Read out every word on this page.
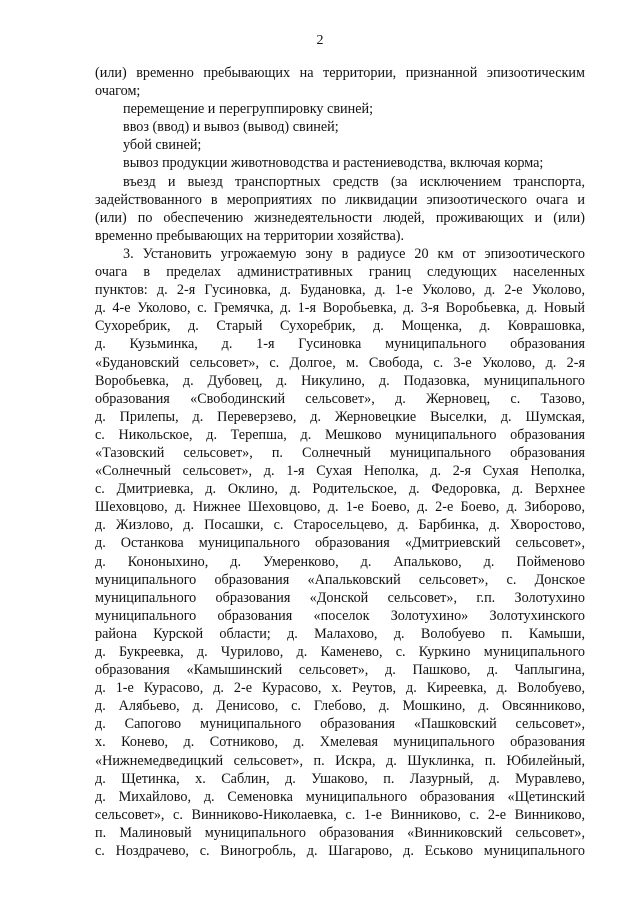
2
(или) временно пребывающих на территории, признанной эпизоотическим
очагом;
перемещение и перегруппировку свиней;
ввоз (ввод) и вывоз (вывод) свиней;
убой свиней;
вывоз продукции животноводства и растениеводства, включая корма;
въезд и выезд транспортных средств (за исключением транспорта,
задействованного в мероприятиях по ликвидации эпизоотического очага и
(или) по обеспечению жизнедеятельности людей, проживающих и (или)
временно пребывающих на территории хозяйства).
3. Установить угрожаемую зону в радиусе 20 км от эпизоотического
очага в пределах административных границ следующих населенных
пунктов: д. 2-я Гусиновка, д. Будановка, д. 1-е Уколово, д. 2-е Уколово,
д. 4-е Уколово, с. Гремячка, д. 1-я Воробьевка, д. 3-я Воробьевка, д. Новый
Сухоребрик, д. Старый Сухоребрик, д. Мощенка, д. Коврашовка,
д. Кузьминка, д. 1-я Гусиновка муниципального образования
«Будановский сельсовет», с. Долгое, м. Свобода, с. 3-е Уколово, д. 2-я
Воробьевка, д. Дубовец, д. Никулино, д. Подазовка, муниципального
образования «Свободинский сельсовет», д. Жерновец, с. Тазово,
д. Прилепы, д. Переверзево, д. Жерновецкие Выселки, д. Шумская,
с. Никольское, д. Терепша, д. Мешково муниципального образования
«Тазовский сельсовет», п. Солнечный муниципального образования
«Солнечный сельсовет», д. 1-я Сухая Неполка, д. 2-я Сухая Неполка,
с. Дмитриевка, д. Оклино, д. Родительское, д. Федоровка, д. Верхнее
Шеховцово, д. Нижнее Шеховцово, д. 1-е Боево, д. 2-е Боево, д. Зиборово,
д. Жизлово, д. Посашки, с. Старосельцево, д. Барбинка, д. Хворостово,
д. Останкова муниципального образования «Дмитриевский сельсовет»,
д. Кононыхино, д. Умеренково, д. Апальково, д. Пойменово
муниципального образования «Апальковский сельсовет», с. Донское
муниципального образования «Донской сельсовет», г.п. Золотухино
муниципального образования «поселок Золотухино» Золотухинского
района Курской области; д. Малахово, д. Волобуево п. Камыши,
д. Букреевка, д. Чурилово, д. Каменево, с. Куркино муниципального
образования «Камышинский сельсовет», д. Пашково, д. Чаплыгина,
д. 1-е Курасово, д. 2-е Курасово, х. Реутов, д. Киреевка, д. Волобуево,
д. Алябьево, д. Денисово, с. Глебово, д. Мошкино, д. Овсянниково,
д. Сапогово муниципального образования «Пашковский сельсовет»,
х. Конево, д. Сотниково, д. Хмелевая муниципального образования
«Нижнемедведицкий сельсовет», п. Искра, д. Шуклинка, п. Юбилейный,
д. Щетинка, х. Саблин, д. Ушаково, п. Лазурный, д. Муравлево,
д. Михайлово, д. Семеновка муниципального образования «Щетинский
сельсовет», с. Винниково-Николаевка, с. 1-е Винниково, с. 2-е Винниково,
п. Малиновый муниципального образования «Винниковский сельсовет»,
с. Ноздрачево, с. Виногробль, д. Шагарово, д. Еськово муниципального
